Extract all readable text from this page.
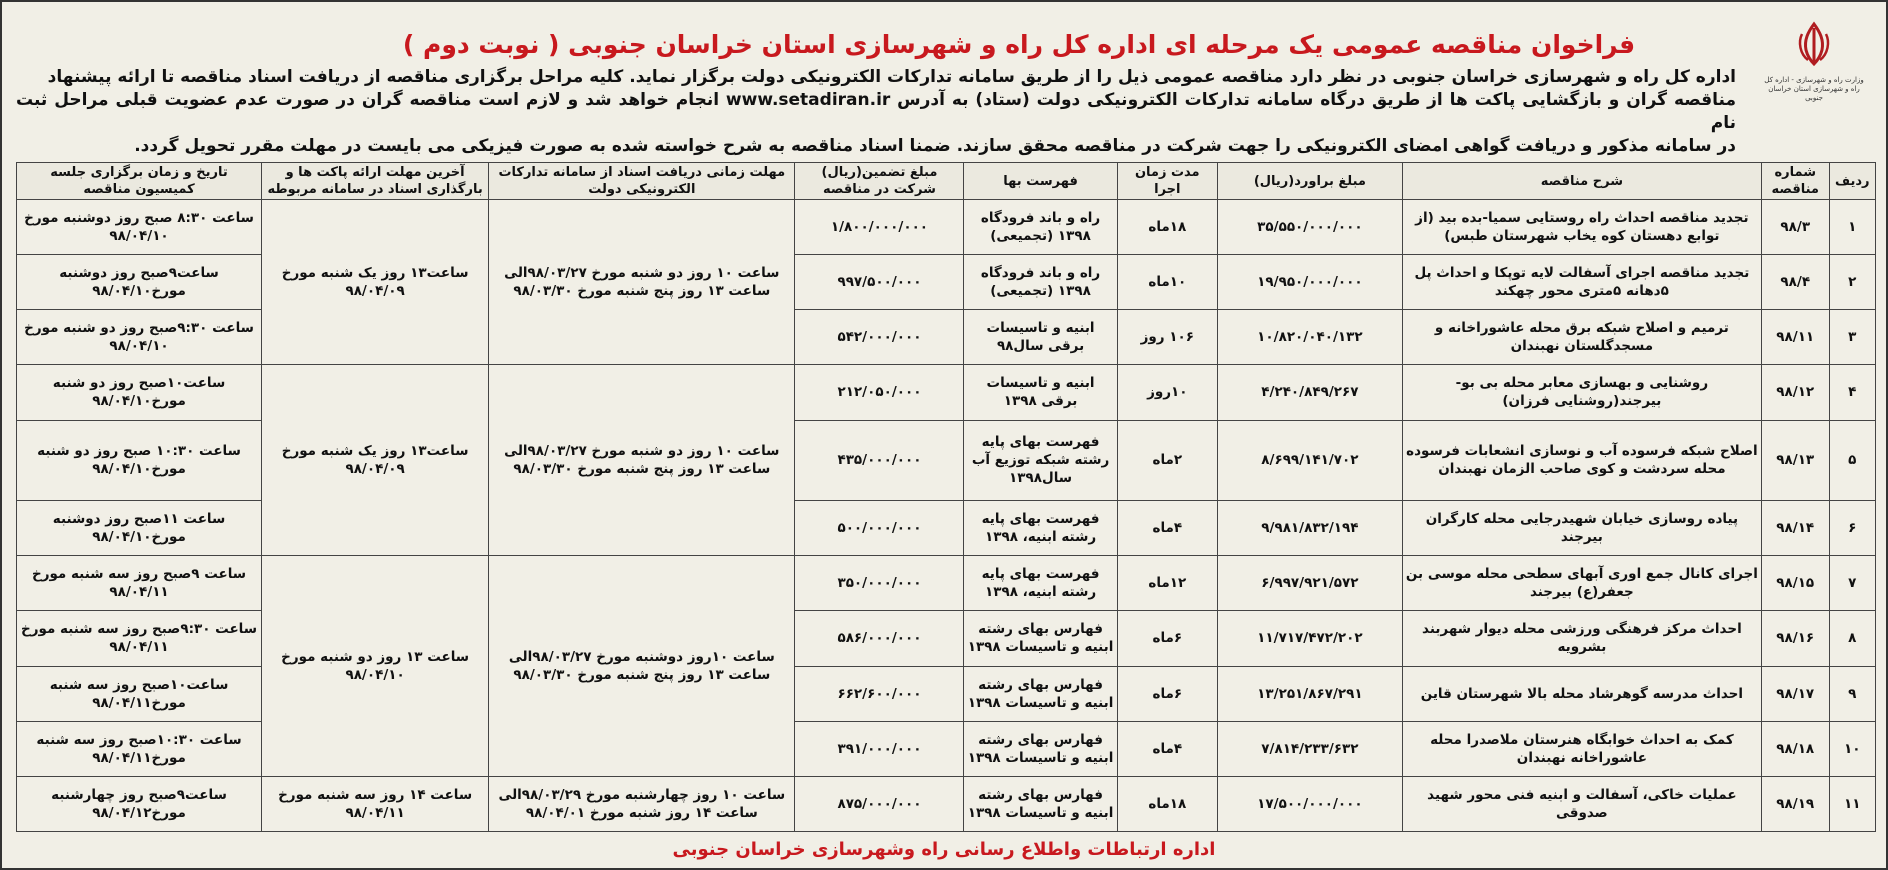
وزارت راه و شهرسازی - اداره کل راه و شهرسازی استان خراسان جنوبی
فراخوان مناقصه عمومی یک مرحله ای اداره کل راه و شهرسازی استان خراسان جنوبی ( نوبت دوم )

اداره کل راه و شهرسازی خراسان جنوبی در نظر دارد مناقصه عمومی ذیل را از طریق سامانه تدارکات الکترونیکی دولت برگزار نماید. کلیه مراحل برگزاری مناقصه از دریافت اسناد مناقصه تا ارائه پیشنهاد

مناقصه گران و بازگشایی پاکت ها از طریق درگاه سامانه تدارکات الکترونیکی دولت (ستاد) به آدرس www.setadiran.ir انجام خواهد شد و لازم است مناقصه گران در صورت عدم عضویت قبلی مراحل ثبت نام

در سامانه مذکور و دریافت گواهی امضای الکترونیکی را جهت شرکت در مناقصه محقق سازند. ضمنا اسناد مناقصه به شرح خواسته شده به صورت فیزیکی می بایست در مهلت مقرر تحویل گردد.

ردیف	شماره مناقصه	شرح مناقصه	مبلغ براورد(ریال)	مدت زمان اجرا	فهرست بها	مبلغ تضمین(ریال) شرکت در مناقصه	مهلت زمانی دریافت اسناد از سامانه تدارکات الکترونیکی دولت	آخرین مهلت ارائه پاکت ها و بارگذاری اسناد در سامانه مربوطه	تاریخ و زمان برگزاری جلسه کمیسیون مناقصه
۱	۹۸/۳	تجدید مناقصه احداث راه روستایی سمیا-بده بید (از توابع دهستان کوه یخاب شهرستان طبس)	۳۵/۵۵۰/۰۰۰/۰۰۰	۱۸ماه	راه و باند فرودگاه ۱۳۹۸ (تجمیعی)	۱/۸۰۰/۰۰۰/۰۰۰	ساعت ۱۰ روز دو شنبه مورخ ۹۸/۰۳/۲۷الی ساعت ۱۳ روز پنج شنبه مورخ ۹۸/۰۳/۳۰	ساعت۱۳ روز یک شنبه مورخ ۹۸/۰۴/۰۹	ساعت ۸:۳۰ صبح روز دوشنبه مورخ ۹۸/۰۴/۱۰
۲	۹۸/۴	تجدید مناقصه اجرای آسفالت لایه توپکا و احداث پل ۵دهانه ۵متری محور چهکند	۱۹/۹۵۰/۰۰۰/۰۰۰	۱۰ماه	راه و باند فرودگاه ۱۳۹۸ (تجمیعی)	۹۹۷/۵۰۰/۰۰۰			ساعت۹صبح روز دوشنبه مورخ۹۸/۰۴/۱۰
۳	۹۸/۱۱	ترمیم و اصلاح شبکه برق محله عاشوراخانه و مسجدگلستان نهبندان	۱۰/۸۲۰/۰۴۰/۱۳۲	۱۰۶ روز	ابنیه و تاسیسات برقی سال۹۸	۵۴۲/۰۰۰/۰۰۰			ساعت ۹:۳۰صبح روز دو شنبه مورخ ۹۸/۰۴/۱۰
۴	۹۸/۱۲	روشنایی و بهسازی معابر محله بی بو-بیرجند(روشنایی فرزان)	۴/۲۴۰/۸۴۹/۲۶۷	۱۰روز	ابنیه و تاسیسات برقی ۱۳۹۸	۲۱۲/۰۵۰/۰۰۰	ساعت ۱۰ روز دو شنبه مورخ ۹۸/۰۳/۲۷الی ساعت ۱۳ روز پنج شنبه مورخ ۹۸/۰۳/۳۰	ساعت۱۳ روز یک شنبه مورخ ۹۸/۰۴/۰۹	ساعت۱۰صبح روز دو شنبه مورخ۹۸/۰۴/۱۰
۵	۹۸/۱۳	اصلاح شبکه فرسوده آب و نوسازی انشعابات فرسوده محله سردشت و کوی صاحب الزمان نهبندان	۸/۶۹۹/۱۴۱/۷۰۲	۲ماه	فهرست بهای پایه رشته شبکه توزیع آب سال۱۳۹۸	۴۳۵/۰۰۰/۰۰۰			ساعت ۱۰:۳۰ صبح روز دو شنبه مورخ۹۸/۰۴/۱۰
۶	۹۸/۱۴	پیاده روسازی خیابان شهیدرجایی محله کارگران بیرجند	۹/۹۸۱/۸۳۲/۱۹۴	۴ماه	فهرست بهای پایه رشته ابنیه، ۱۳۹۸	۵۰۰/۰۰۰/۰۰۰			ساعت ۱۱صبح روز دوشنبه مورخ۹۸/۰۴/۱۰
۷	۹۸/۱۵	اجرای کانال جمع اوری آبهای سطحی محله موسی بن جعفر(ع) بیرجند	۶/۹۹۷/۹۲۱/۵۷۲	۱۲ماه	فهرست بهای پایه رشته ابنیه، ۱۳۹۸	۳۵۰/۰۰۰/۰۰۰	ساعت ۱۰روز دوشنبه مورخ ۹۸/۰۳/۲۷الی ساعت ۱۳ روز پنج شنبه مورخ ۹۸/۰۳/۳۰	ساعت ۱۳ روز دو شنبه مورخ ۹۸/۰۴/۱۰	ساعت ۹صبح روز سه شنبه مورخ ۹۸/۰۴/۱۱
۸	۹۸/۱۶	احداث مرکز فرهنگی ورزشی محله دیوار شهربند بشرویه	۱۱/۷۱۷/۴۷۲/۲۰۲	۶ماه	فهارس بهای رشته ابنیه و تاسیسات ۱۳۹۸	۵۸۶/۰۰۰/۰۰۰			ساعت ۹:۳۰صبح روز سه شنبه مورخ ۹۸/۰۴/۱۱
۹	۹۸/۱۷	احداث مدرسه گوهرشاد محله بالا شهرستان قاین	۱۳/۲۵۱/۸۶۷/۲۹۱	۶ماه	فهارس بهای رشته ابنیه و تاسیسات ۱۳۹۸	۶۶۲/۶۰۰/۰۰۰			ساعت۱۰صبح روز سه شنبه مورخ۹۸/۰۴/۱۱
۱۰	۹۸/۱۸	کمک به احداث خوابگاه هنرستان ملاصدرا محله عاشوراخانه نهبندان	۷/۸۱۴/۲۳۳/۶۳۲	۴ماه	فهارس بهای رشته ابنیه و تاسیسات ۱۳۹۸	۳۹۱/۰۰۰/۰۰۰			ساعت ۱۰:۳۰صبح روز سه شنبه مورخ۹۸/۰۴/۱۱
۱۱	۹۸/۱۹	عملیات خاکی، آسفالت و ابنیه فنی محور شهید صدوقی	۱۷/۵۰۰/۰۰۰/۰۰۰	۱۸ماه	فهارس بهای رشته ابنیه و تاسیسات ۱۳۹۸	۸۷۵/۰۰۰/۰۰۰	ساعت ۱۰ روز چهارشنبه مورخ ۹۸/۰۳/۲۹الی ساعت ۱۴ روز شنبه مورخ ۹۸/۰۴/۰۱	ساعت ۱۴ روز سه شنبه مورخ ۹۸/۰۴/۱۱	ساعت۹صبح روز چهارشنبه مورخ۹۸/۰۴/۱۲
اداره ارتباطات واطلاع رسانی راه وشهرسازی خراسان جنوبی
